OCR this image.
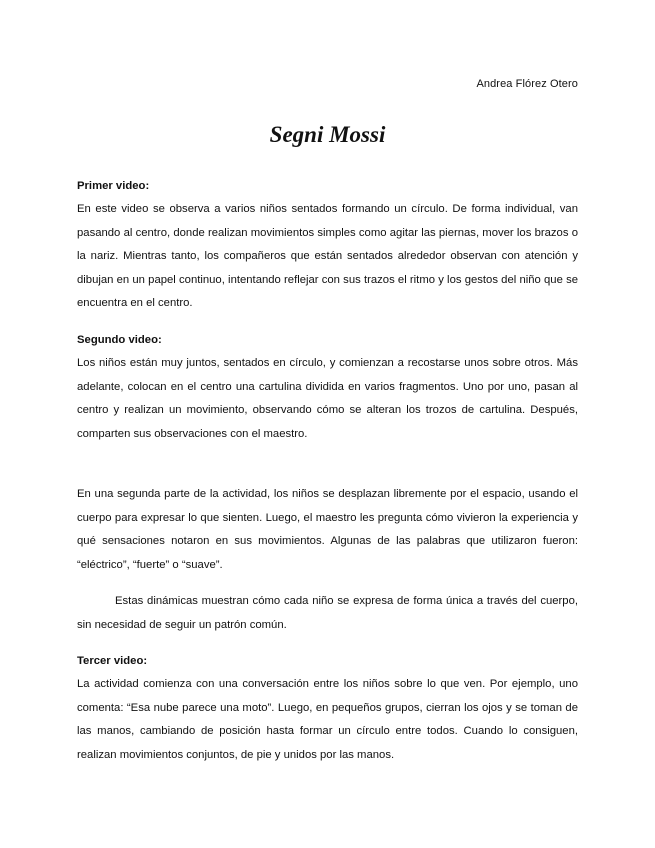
Andrea Flórez Otero
Segni Mossi
Primer video:

En este video se observa a varios niños sentados formando un círculo. De forma individual, van pasando al centro, donde realizan movimientos simples como agitar las piernas, mover los brazos o la nariz. Mientras tanto, los compañeros que están sentados alrededor observan con atención y dibujan en un papel continuo, intentando reflejar con sus trazos el ritmo y los gestos del niño que se encuentra en el centro.

Segundo video:

Los niños están muy juntos, sentados en círculo, y comienzan a recostarse unos sobre otros. Más adelante, colocan en el centro una cartulina dividida en varios fragmentos. Uno por uno, pasan al centro y realizan un movimiento, observando cómo se alteran los trozos de cartulina. Después, comparten sus observaciones con el maestro.

En una segunda parte de la actividad, los niños se desplazan libremente por el espacio, usando el cuerpo para expresar lo que sienten. Luego, el maestro les pregunta cómo vivieron la experiencia y qué sensaciones notaron en sus movimientos. Algunas de las palabras que utilizaron fueron: “eléctrico”, “fuerte” o “suave”.

Estas dinámicas muestran cómo cada niño se expresa de forma única a través del cuerpo, sin necesidad de seguir un patrón común.

Tercer video:

La actividad comienza con una conversación entre los niños sobre lo que ven. Por ejemplo, uno comenta: “Esa nube parece una moto”. Luego, en pequeños grupos, cierran los ojos y se toman de las manos, cambiando de posición hasta formar un círculo entre todos. Cuando lo consiguen, realizan movimientos conjuntos, de pie y unidos por las manos.
